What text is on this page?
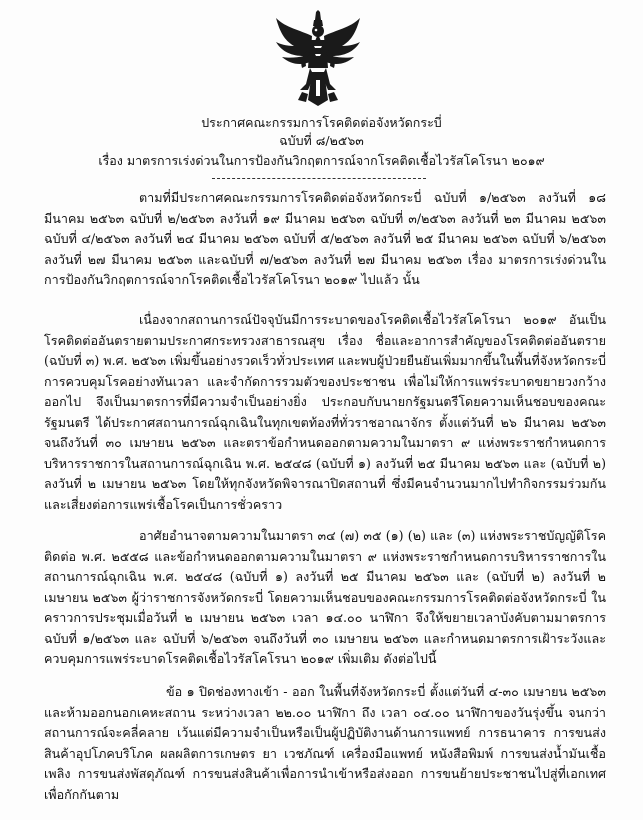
ประกาศคณะกรรมการโรคติดต่อจังหวัดกระบี่
ฉบับที่ ๘/๒๕๖๓
เรื่อง มาตรการเร่งด่วนในการป้องกันวิกฤตการณ์จากโรคติดเชื้อไวรัสโคโรนา ๒๐๑๙
ตามที่มีประกาศคณะกรรมการโรคติดต่อจังหวัดกระบี่ ฉบับที่ ๑/๒๕๖๓ ลงวันที่ ๑๘ มีนาคม ๒๕๖๓ ฉบับที่ ๒/๒๕๖๓ ลงวันที่ ๑๙ มีนาคม ๒๕๖๓ ฉบับที่ ๓/๒๕๖๓ ลงวันที่ ๒๓ มีนาคม ๒๕๖๓ ฉบับที่ ๔/๒๕๖๓ ลงวันที่ ๒๔ มีนาคม ๒๕๖๓ ฉบับที่ ๕/๒๕๖๓ ลงวันที่ ๒๕ มีนาคม ๒๕๖๓ ฉบับที่ ๖/๒๕๖๓ ลงวันที่ ๒๗ มีนาคม ๒๕๖๓ และฉบับที่ ๗/๒๕๖๓ ลงวันที่ ๒๗ มีนาคม ๒๕๖๓ เรื่อง มาตรการเร่งด่วนในการป้องกันวิกฤตการณ์จากโรคติดเชื้อไวรัสโคโรนา ๒๐๑๙ ไปแล้ว นั้น
เนื่องจากสถานการณ์ปัจจุบันมีการระบาดของโรคติดเชื้อไวรัสโคโรนา ๒๐๑๙ อันเป็นโรคติดต่ออันตรายตามประกาศกระทรวงสาธารณสุข เรื่อง ชื่อและอาการสำคัญของโรคติดต่ออันตราย (ฉบับที่ ๓) พ.ศ. ๒๕๖๓ เพิ่มขึ้นอย่างรวดเร็วทั่วประเทศ และพบผู้ป่วยยืนยันเพิ่มมากขึ้นในพื้นที่จังหวัดกระบี่ การควบคุมโรคอย่างทันเวลา และจำกัดการรวมตัวของประชาชน เพื่อไม่ให้การแพร่ระบาดขยายวงกว้างออกไป จึงเป็นมาตรการที่มีความจำเป็นอย่างยิ่ง ประกอบกับนายกรัฐมนตรีโดยความเห็นชอบของคณะรัฐมนตรี ได้ประกาศสถานการณ์ฉุกเฉินในทุกเขตท้องที่ทั่วราชอาณาจักร ตั้งแต่วันที่ ๒๖ มีนาคม ๒๕๖๓ จนถึงวันที่ ๓๐ เมษายน ๒๕๖๓ และตราข้อกำหนดออกตามความในมาตรา ๙ แห่งพระราชกำหนดการบริหารราชการในสถานการณ์ฉุกเฉิน พ.ศ. ๒๕๔๘ (ฉบับที่ ๑) ลงวันที่ ๒๕ มีนาคม ๒๕๖๓ และ (ฉบับที่ ๒) ลงวันที่ ๒ เมษายน ๒๕๖๓ โดยให้ทุกจังหวัดพิจารณาปิดสถานที่ ซึ่งมีคนจำนวนมากไปทำกิจกรรมร่วมกัน และเสี่ยงต่อการแพร่เชื้อโรคเป็นการชั่วคราว
อาศัยอำนาจตามความในมาตรา ๓๔ (๗) ๓๕ (๑) (๒) และ (๓) แห่งพระราชบัญญัติโรคติดต่อ พ.ศ. ๒๕๕๘ และข้อกำหนดออกตามความในมาตรา ๙ แห่งพระราชกำหนดการบริหารราชการในสถานการณ์ฉุกเฉิน พ.ศ. ๒๕๔๘ (ฉบับที่ ๑) ลงวันที่ ๒๕ มีนาคม ๒๕๖๓ และ (ฉบับที่ ๒) ลงวันที่ ๒ เมษายน ๒๕๖๓ ผู้ว่าราชการจังหวัดกระบี่ โดยความเห็นชอบของคณะกรรมการโรคติดต่อจังหวัดกระบี่ ในคราวการประชุมเมื่อวันที่ ๒ เมษายน ๒๕๖๓ เวลา ๑๔.๐๐ นาฬิกา จึงให้ขยายเวลาบังคับตามมาตรการฉบับที่ ๑/๒๕๖๓ และ ฉบับที่ ๖/๒๕๖๓ จนถึงวันที่ ๓๐ เมษายน ๒๕๖๓ และกำหนดมาตรการเฝ้าระวังและควบคุมการแพร่ระบาดโรคติดเชื้อไวรัสโคโรนา ๒๐๑๙ เพิ่มเติม ดังต่อไปนี้
ข้อ ๑ ปิดช่องทางเข้า - ออก ในพื้นที่จังหวัดกระบี่ ตั้งแต่วันที่ ๔-๓๐ เมษายน ๒๕๖๓ และห้ามออกนอกเคหะสถาน ระหว่างเวลา ๒๒.๐๐ นาฬิกา ถึง เวลา ๐๔.๐๐ นาฬิกาของวันรุ่งขึ้น จนกว่าสถานการณ์จะคลี่คลาย เว้นแต่มีความจำเป็นหรือเป็นผู้ปฏิบัติงานด้านการแพทย์ การธนาคาร การขนส่งสินค้าอุปโภคบริโภค ผลผลิตการเกษตร ยา เวชภัณฑ์ เครื่องมือแพทย์ หนังสือพิมพ์ การขนส่งน้ำมันเชื้อเพลิง การขนส่งพัสดุภัณฑ์ การขนส่งสินค้าเพื่อการนำเข้าหรือส่งออก การขนย้ายประชาชนไปสู่ที่เอกเทศเพื่อกักกันตาม
